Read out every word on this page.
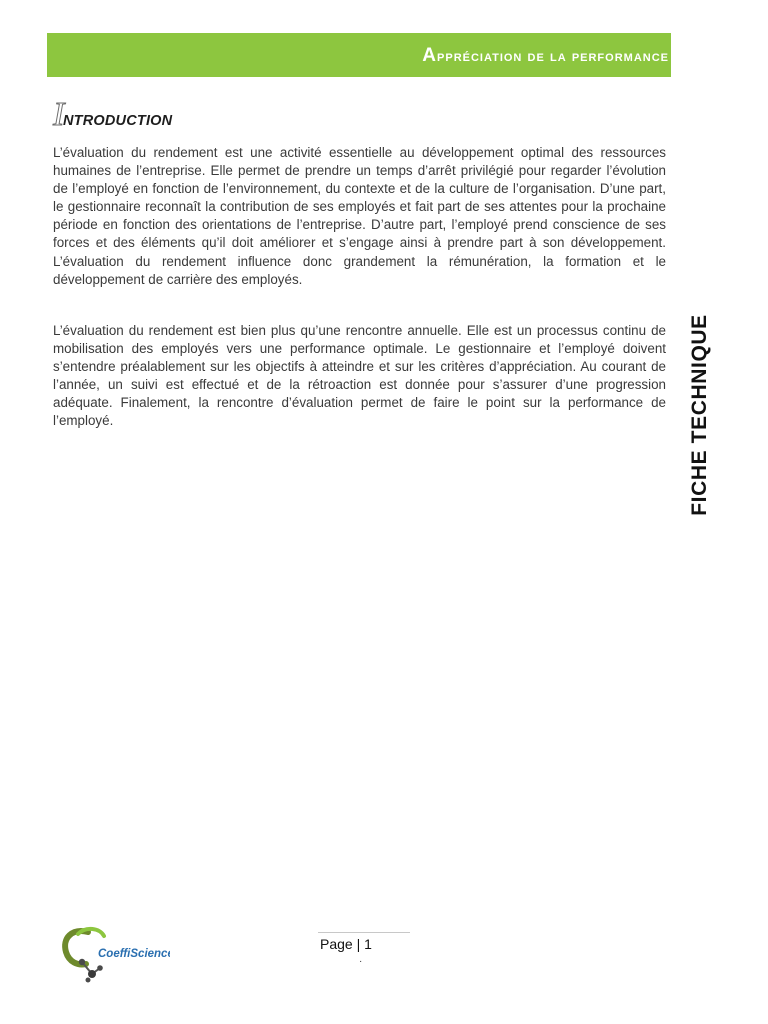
Appréciation de la performance
I
NTRODUCTION

L’évaluation du rendement est une activité essentielle au développement optimal des ressources humaines de l’entreprise. Elle permet de prendre un temps d’arrêt privilégié pour regarder l’évolution de l’employé en fonction de l’environnement, du contexte et de la culture de l’organisation. D’une part, le gestionnaire reconnaît la contribution de ses employés et fait part de ses attentes pour la prochaine période en fonction des orientations de l’entreprise. D’autre part, l’employé prend conscience de ses forces et des éléments qu’il doit améliorer et s’engage ainsi à prendre part à son développement. L’évaluation du rendement influence donc grandement la rémunération, la formation et le développement de carrière des employés.

L’évaluation du rendement est bien plus qu’une rencontre annuelle. Elle est un processus continu de mobilisation des employés vers une performance optimale. Le gestionnaire et l’employé doivent s’entendre préalablement sur les objectifs à atteindre et sur les critères d’appréciation. Au courant de l’année, un suivi est effectué et de la rétroaction est donnée pour s’assurer d’une progression adéquate. Finalement, la rencontre d’évaluation permet de faire le point sur la performance de l’employé.	FICHE TECHNIQUE
CoeffiScience
Page | 1
·
